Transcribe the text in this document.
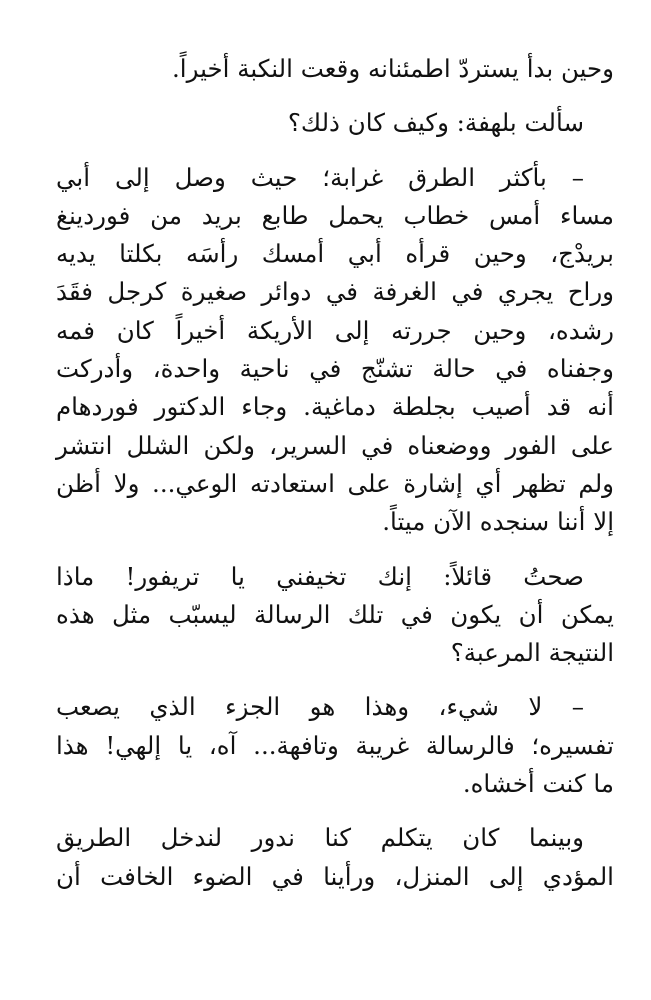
وحين بدأ يستردّ اطمئنانه وقعت النكبة أخيراً.

سألت بلهفة: وكيف كان ذلك؟

– بأكثر الطرق غرابة؛ حيث وصل إلى أبي
مساء أمس خطاب يحمل طابع بريد من فوردينغ
بريدْج، وحين قرأه أبي أمسك رأسَه بكلتا يديه
وراح يجري في الغرفة في دوائر صغيرة كرجل فقَدَ
رشده، وحين جررته إلى الأريكة أخيراً كان فمه
وجفناه في حالة تشنّج في ناحية واحدة، وأدركت
أنه قد أصيب بجلطة دماغية. وجاء الدكتور فوردهام
على الفور ووضعناه في السرير، ولكن الشلل انتشر
ولم تظهر أي إشارة على استعادته الوعي... ولا أظن
إلا أننا سنجده الآن ميتاً.

صحتُ قائلاً: إنك تخيفني يا تريفور! ماذا
يمكن أن يكون في تلك الرسالة ليسبّب مثل هذه
النتيجة المرعبة؟

– لا شيء، وهذا هو الجزء الذي يصعب
تفسيره؛ فالرسالة غريبة وتافهة... آه، يا إلهي! هذا
ما كنت أخشاه.

وبينما كان يتكلم كنا ندور لندخل الطريق
المؤدي إلى المنزل، ورأينا في الضوء الخافت أن
